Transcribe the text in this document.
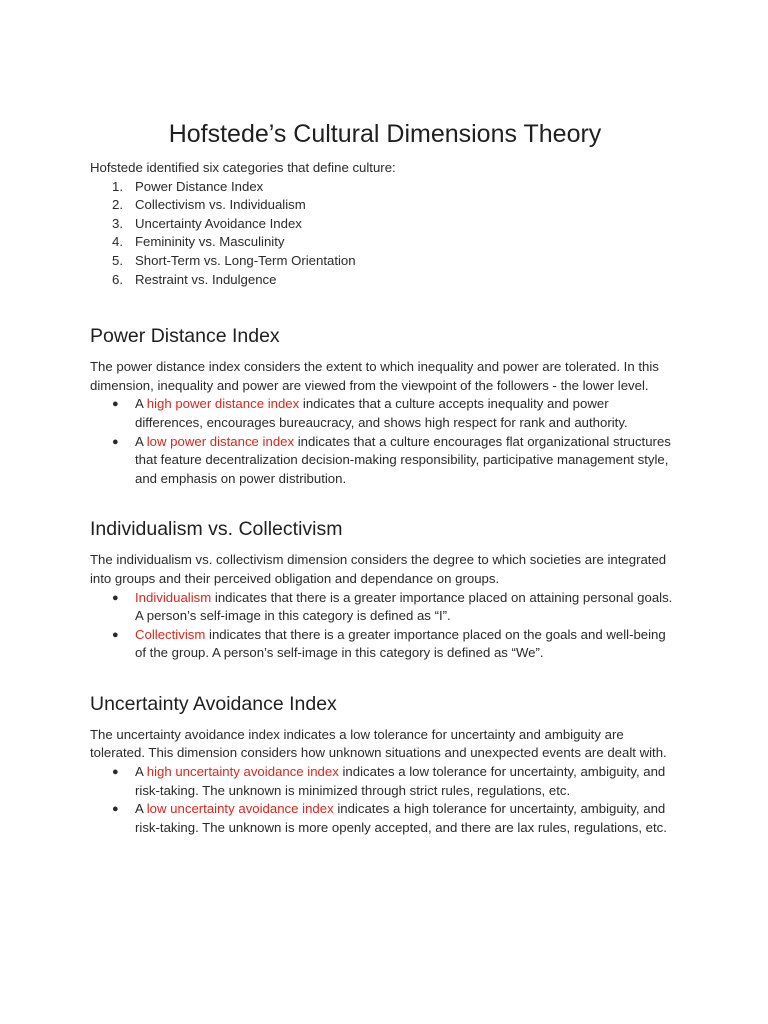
Hofstede’s Cultural Dimensions Theory

Hofstede identified six categories that define culture:

1. Power Distance Index
2. Collectivism vs. Individualism
3. Uncertainty Avoidance Index
4. Femininity vs. Masculinity
5. Short-Term vs. Long-Term Orientation
6. Restraint vs. Indulgence
Power Distance Index

The power distance index considers the extent to which inequality and power are tolerated. In this dimension, inequality and power are viewed from the viewpoint of the followers - the lower level.

● A high power distance index indicates that a culture accepts inequality and power differences, encourages bureaucracy, and shows high respect for rank and authority.
● A low power distance index indicates that a culture encourages flat organizational structures that feature decentralization decision-making responsibility, participative management style, and emphasis on power distribution.
Individualism vs. Collectivism

The individualism vs. collectivism dimension considers the degree to which societies are integrated into groups and their perceived obligation and dependance on groups.

● Individualism indicates that there is a greater importance placed on attaining personal goals. A person’s self-image in this category is defined as “I”.
● Collectivism indicates that there is a greater importance placed on the goals and well-being of the group. A person’s self-image in this category is defined as “We”.
Uncertainty Avoidance Index

The uncertainty avoidance index indicates a low tolerance for uncertainty and ambiguity are tolerated. This dimension considers how unknown situations and unexpected events are dealt with.

● A high uncertainty avoidance index indicates a low tolerance for uncertainty, ambiguity, and risk-taking. The unknown is minimized through strict rules, regulations, etc.
● A low uncertainty avoidance index indicates a high tolerance for uncertainty, ambiguity, and risk-taking. The unknown is more openly accepted, and there are lax rules, regulations, etc.
